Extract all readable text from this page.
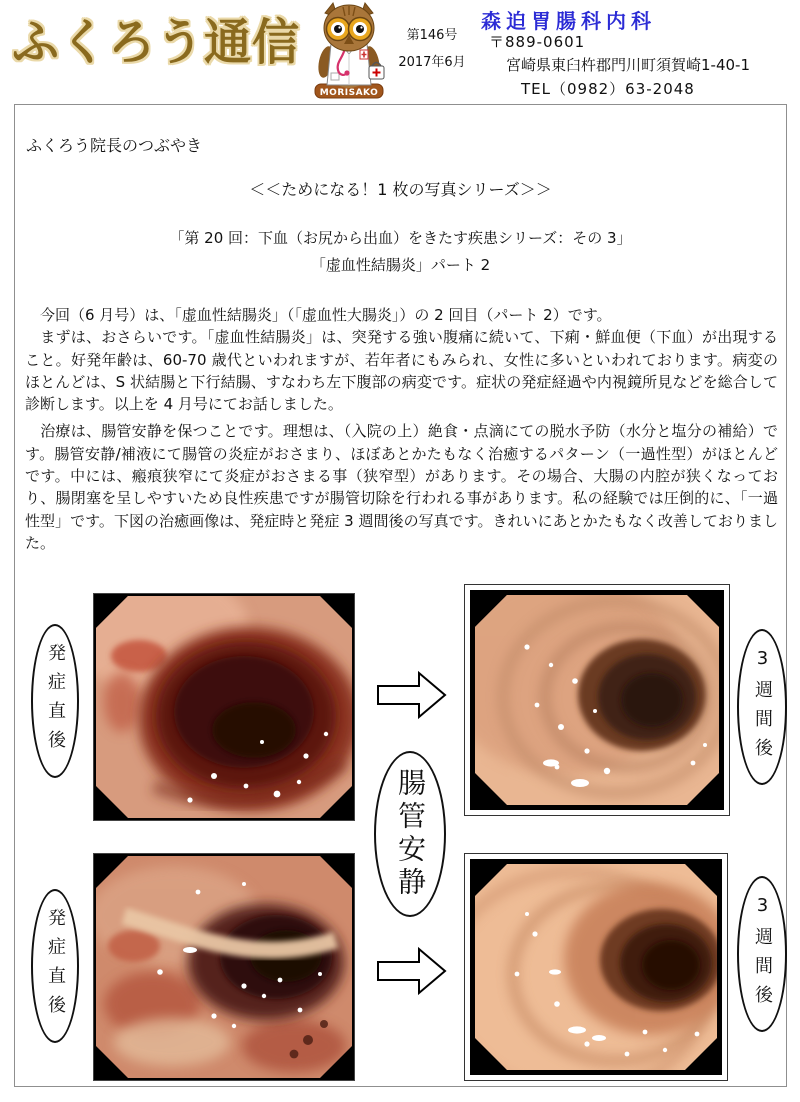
ふくろう通信
MORISAKO
第146号
2017年6月
森迫胃腸科内科
〒889-0601
宮崎県東臼杵郡門川町須賀崎1-40-1
TEL（0982）63-2048
ふくろう院長のつぶやき
＜＜ためになる！1 枚の写真シリーズ＞＞
「第 20 回：下血（お尻から出血）をきたす疾患シリーズ：その 3」
「虚血性結腸炎」パート 2

　今回（6 月号）は、「虚血性結腸炎」（「虚血性大腸炎」）の 2 回目（パート 2）です。

　まずは、おさらいです。「虚血性結腸炎」は、突発する強い腹痛に続いて、下痢・鮮血便（下血）が出現すること。好発年齢は、60-70 歳代といわれますが、若年者にもみられ、女性に多いといわれております。病変のほとんどは、S 状結腸と下行結腸、すなわち左下腹部の病変です。症状の発症経過や内視鏡所見などを総合して診断します。以上を 4 月号にてお話しました。

　治療は、腸管安静を保つことです。理想は、（入院の上）絶食・点滴にての脱水予防（水分と塩分の補給）です。腸管安静/補液にて腸管の炎症がおさまり、ほぼあとかたもなく治癒するパターン（一過性型）がほとんどです。中には、瘢痕狭窄にて炎症がおさまる事（狭窄型）があります。その場合、大腸の内腔が狭くなっており、腸閉塞を呈しやすいため良性疾患ですが腸管切除を行われる事があります。私の経験では圧倒的に、「一過性型」です。下図の治癒画像は、発症時と発症 3 週間後の写真です。きれいにあとかたもなく改善しておりました。

発症直後	3週間後
腸管安静
発症直後	3週間後
